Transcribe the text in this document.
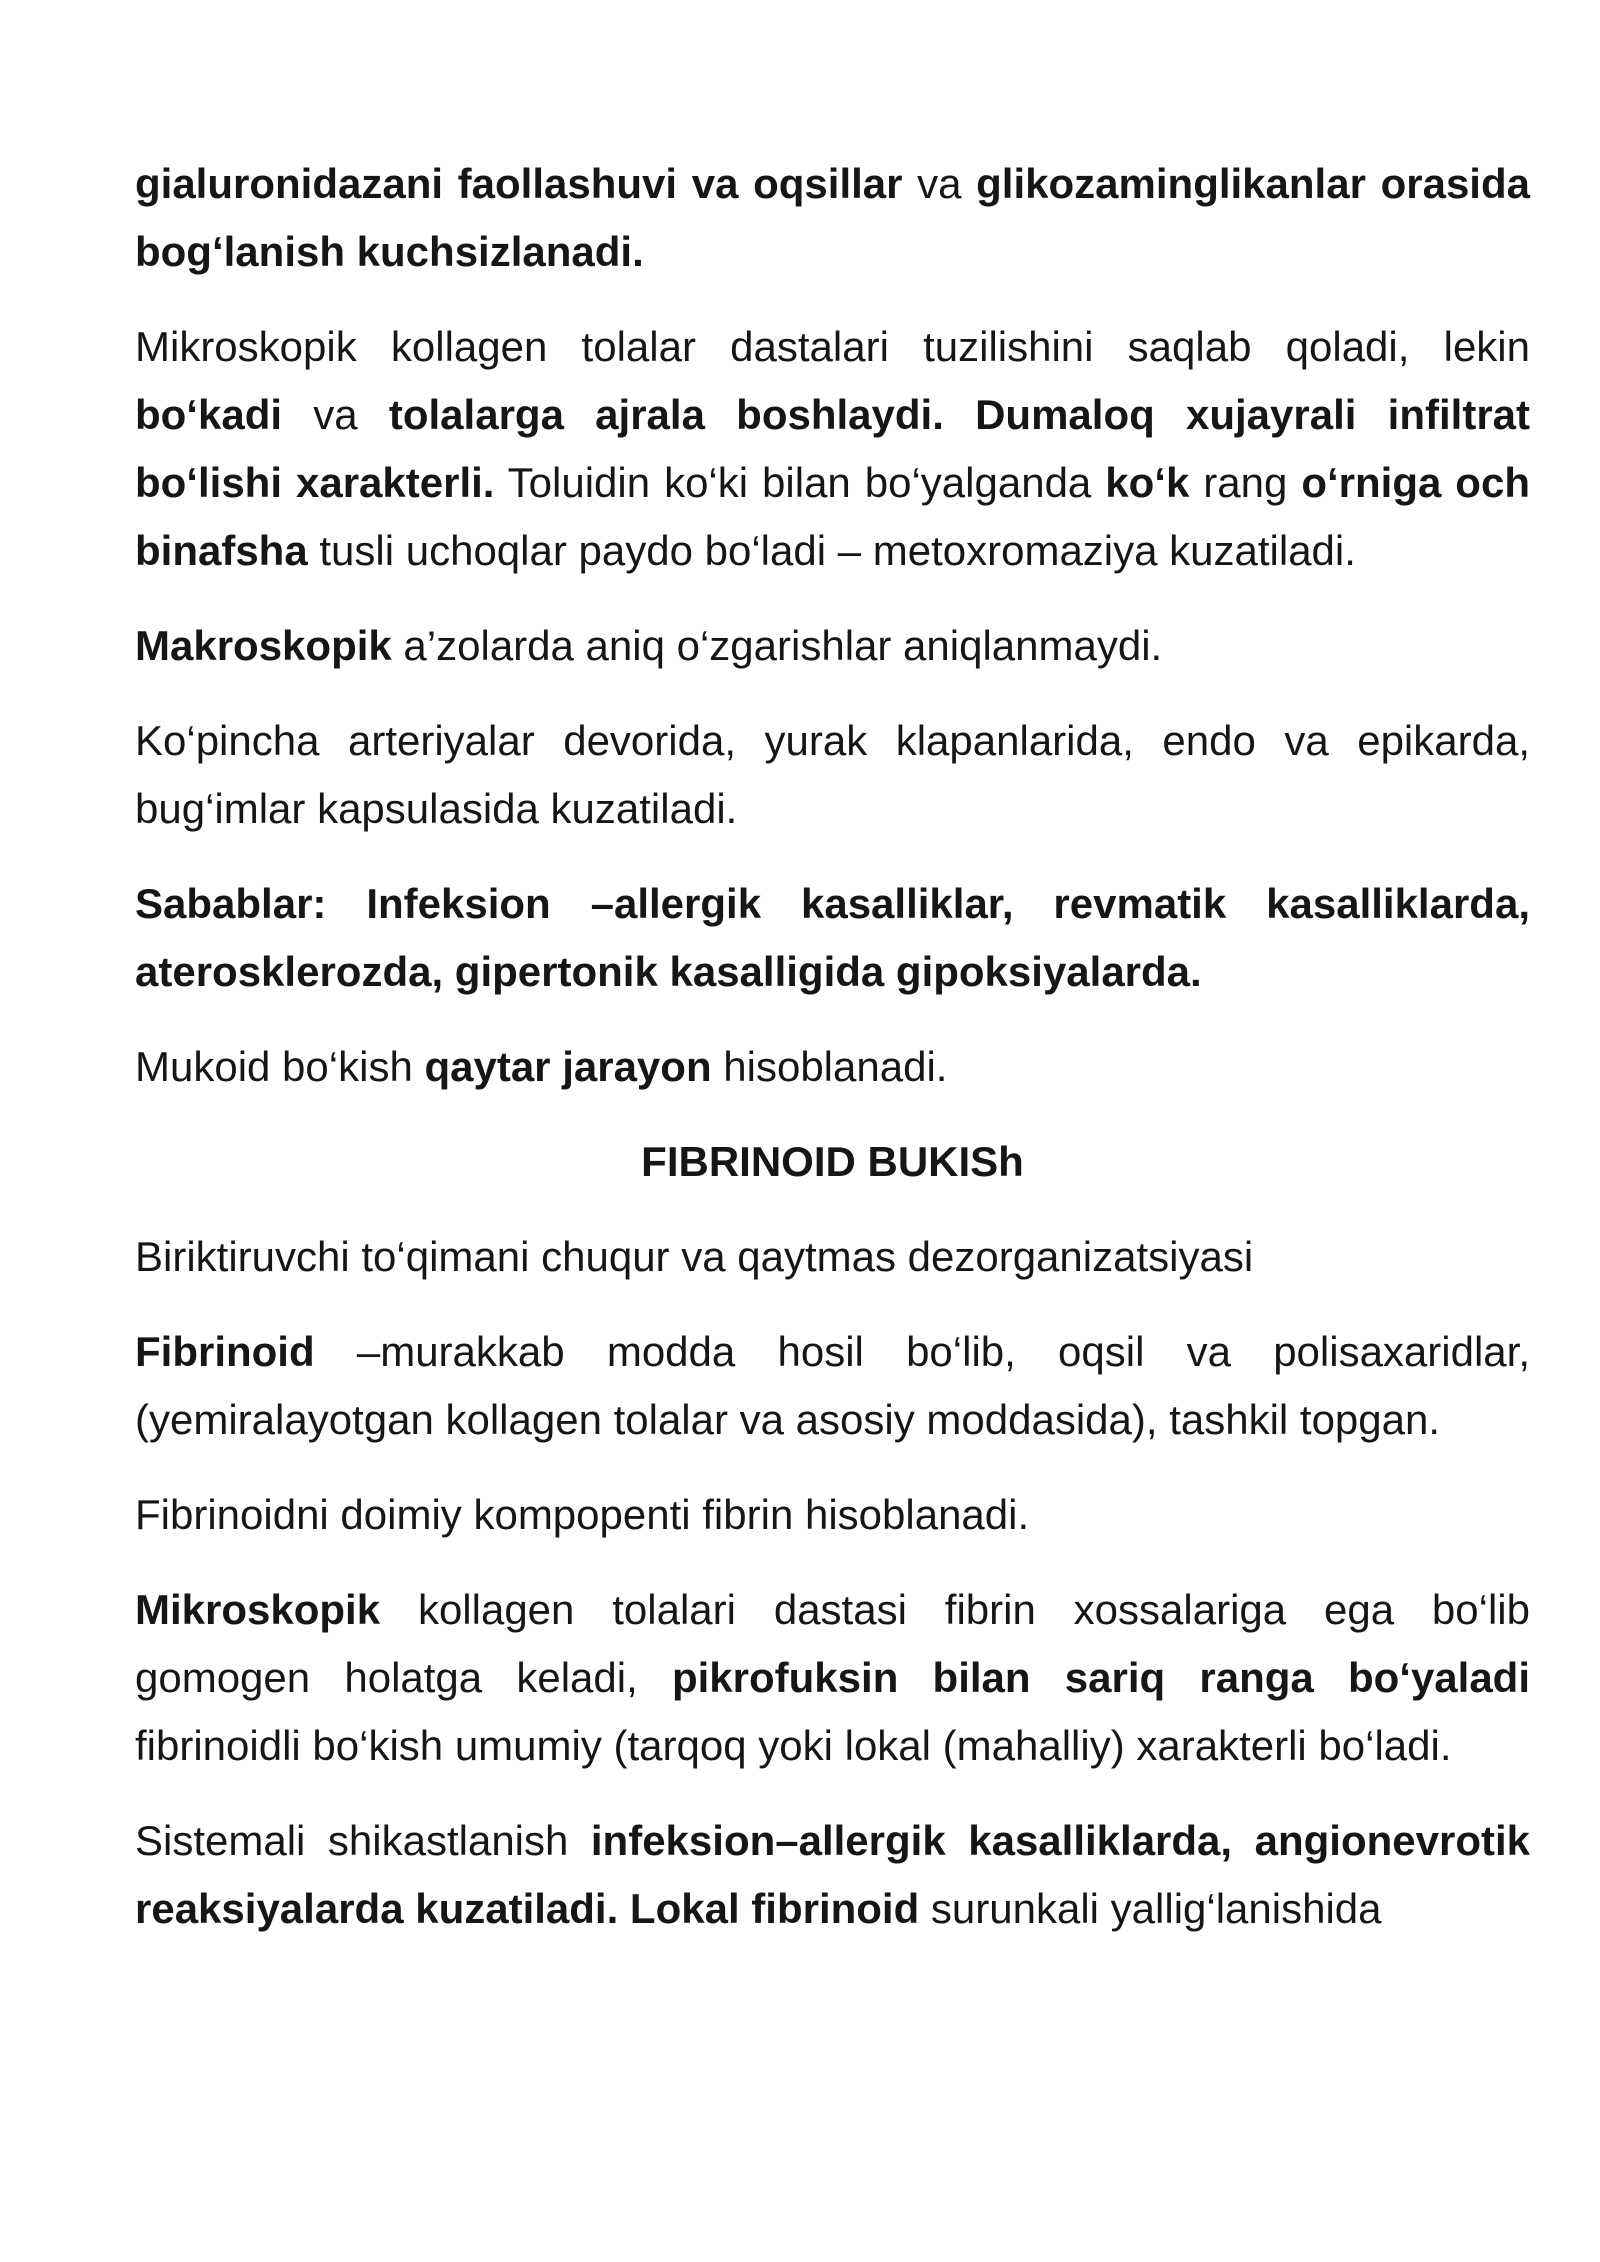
gialuronidazani faollashuvi va oqsillar va glikozaminglikanlar orasida bog‘lanish kuchsizlanadi.

Mikroskopik kollagen tolalar dastalari tuzilishini saqlab qoladi, lekin bo‘kadi va tolalarga ajrala boshlaydi. Dumaloq xujayrali infiltrat bo‘lishi xarakterli. Toluidin ko‘ki bilan bo‘yalganda ko‘k rang o‘rniga och binafsha tusli uchoqlar paydo bo‘ladi – metoxromaziya kuzatiladi.

Makroskopik a’zolarda aniq o‘zgarishlar aniqlanmaydi.

Ko‘pincha arteriyalar devorida, yurak klapanlarida, endo va epikarda, bug‘imlar kapsulasida kuzatiladi.

Sabablar: Infeksion –allergik kasalliklar, revmatik kasalliklarda, aterosklerozda, gipertonik kasalligida gipoksiyalarda.

Mukoid bo‘kish qaytar jarayon hisoblanadi.

FIBRINOID BUKISh

Biriktiruvchi to‘qimani chuqur va qaytmas dezorganizatsiyasi

Fibrinoid –murakkab modda hosil bo‘lib, oqsil va polisaxaridlar, (yemiralayotgan kollagen tolalar va asosiy moddasida), tashkil topgan.

Fibrinoidni doimiy kompopenti fibrin hisoblanadi.

Mikroskopik kollagen tolalari dastasi fibrin xossalariga ega bo‘lib gomogen holatga keladi, pikrofuksin bilan sariq ranga bo‘yaladi fibrinoidli bo‘kish umumiy (tarqoq yoki lokal (mahalliy) xarakterli bo‘ladi.

Sistemali shikastlanish infeksion–allergik kasalliklarda, angionevrotik reaksiyalarda kuzatiladi. Lokal fibrinoid surunkali yallig‘lanishida
